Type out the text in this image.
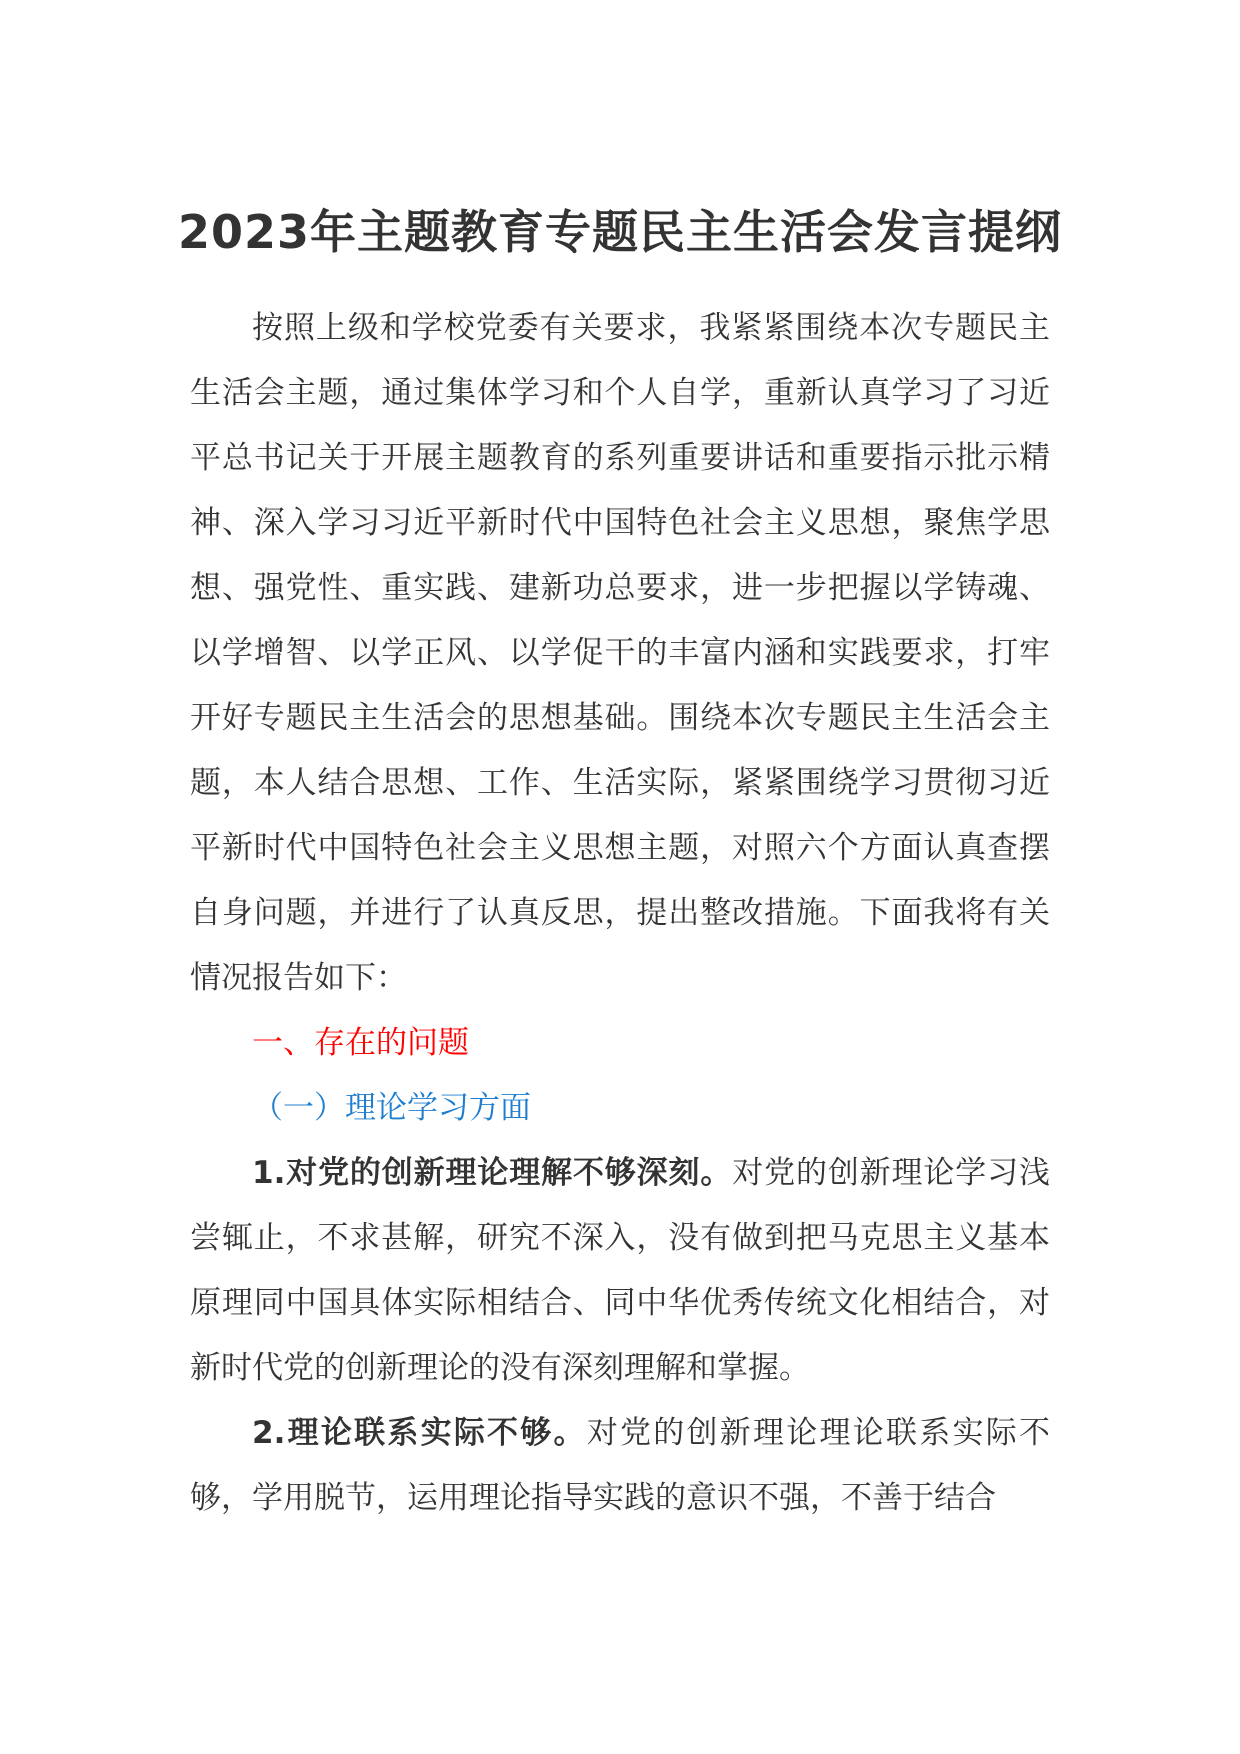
2023年主题教育专题民主生活会发言提纲

按照上级和学校党委有关要求，我紧紧围绕本次专题民主生活会主题，通过集体学习和个人自学，重新认真学习了习近平总书记关于开展主题教育的系列重要讲话和重要指示批示精神、深入学习习近平新时代中国特色社会主义思想，聚焦学思想、强党性、重实践、建新功总要求，进一步把握以学铸魂、以学增智、以学正风、以学促干的丰富内涵和实践要求，打牢开好专题民主生活会的思想基础。围绕本次专题民主生活会主题，本人结合思想、工作、生活实际，紧紧围绕学习贯彻习近平新时代中国特色社会主义思想主题，对照六个方面认真查摆自身问题，并进行了认真反思，提出整改措施。下面我将有关情况报告如下：

一、存在的问题

（一）理论学习方面

1.对党的创新理论理解不够深刻。对党的创新理论学习浅尝辄止，不求甚解，研究不深入，没有做到把马克思主义基本原理同中国具体实际相结合、同中华优秀传统文化相结合，对新时代党的创新理论的没有深刻理解和掌握。

2.理论联系实际不够。对党的创新理论理论联系实际不够，学用脱节，运用理论指导实践的意识不强，不善于结合
